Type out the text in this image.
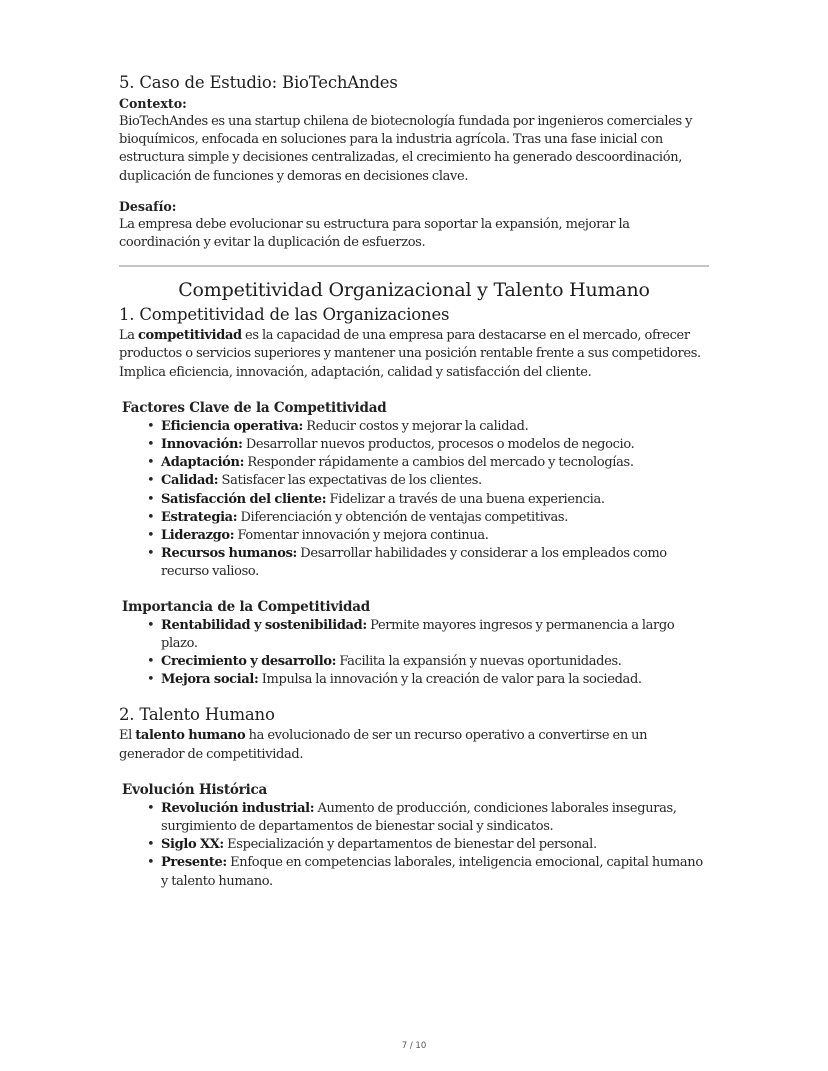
5. Caso de Estudio: BioTechAndes
Contexto:

BioTechAndes es una startup chilena de biotecnología fundada por ingenieros comerciales y bioquímicos, enfocada en soluciones para la industria agrícola. Tras una fase inicial con estructura simple y decisiones centralizadas, el crecimiento ha generado descoordinación, duplicación de funciones y demoras en decisiones clave.

Desafío:

La empresa debe evolucionar su estructura para soportar la expansión, mejorar la coordinación y evitar la duplicación de esfuerzos.

Competitividad Organizacional y Talento Humano
1. Competitividad de las Organizaciones

La competitividad es la capacidad de una empresa para destacarse en el mercado, ofrecer productos o servicios superiores y mantener una posición rentable frente a sus competidores. Implica eficiencia, innovación, adaptación, calidad y satisfacción del cliente.

Factores Clave de la Competitividad
• Eficiencia operativa: Reducir costos y mejorar la calidad.
• Innovación: Desarrollar nuevos productos, procesos o modelos de negocio.
• Adaptación: Responder rápidamente a cambios del mercado y tecnologías.
• Calidad: Satisfacer las expectativas de los clientes.
• Satisfacción del cliente: Fidelizar a través de una buena experiencia.
• Estrategia: Diferenciación y obtención de ventajas competitivas.
• Liderazgo: Fomentar innovación y mejora continua.
• Recursos humanos: Desarrollar habilidades y considerar a los empleados como recurso valioso.
Importancia de la Competitividad
• Rentabilidad y sostenibilidad: Permite mayores ingresos y permanencia a largo plazo.
• Crecimiento y desarrollo: Facilita la expansión y nuevas oportunidades.
• Mejora social: Impulsa la innovación y la creación de valor para la sociedad.
2. Talento Humano

El talento humano ha evolucionado de ser un recurso operativo a convertirse en un generador de competitividad.

Evolución Histórica
• Revolución industrial: Aumento de producción, condiciones laborales inseguras, surgimiento de departamentos de bienestar social y sindicatos.
• Siglo XX: Especialización y departamentos de bienestar del personal.
• Presente: Enfoque en competencias laborales, inteligencia emocional, capital humano y talento humano.
7 / 10
